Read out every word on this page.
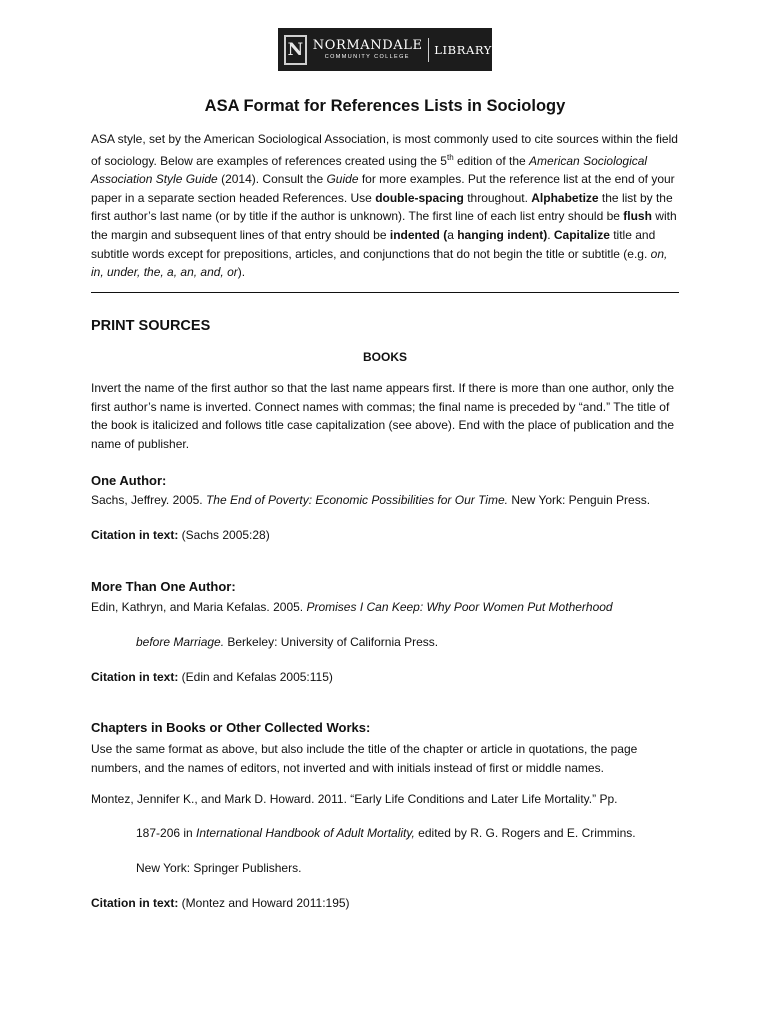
N NORMANDALE
COMMUNITY COLLEGE
LIBRARY
ASA Format for References Lists in Sociology

ASA style, set by the American Sociological Association, is most commonly used to cite sources within the field of sociology. Below are examples of references created using the 5th edition of the American Sociological Association Style Guide (2014). Consult the Guide for more examples. Put the reference list at the end of your paper in a separate section headed References. Use double-spacing throughout. Alphabetize the list by the first author’s last name (or by title if the author is unknown). The first line of each list entry should be flush with the margin and subsequent lines of that entry should be indented (a hanging indent). Capitalize title and subtitle words except for prepositions, articles, and conjunctions that do not begin the title or subtitle (e.g. on, in, under, the, a, an, and, or).

PRINT SOURCES
BOOKS

Invert the name of the first author so that the last name appears first. If there is more than one author, only the first author’s name is inverted. Connect names with commas; the final name is preceded by “and.” The title of the book is italicized and follows title case capitalization (see above). End with the place of publication and the name of publisher.

One Author:

Sachs, Jeffrey. 2005. The End of Poverty: Economic Possibilities for Our Time. New York: Penguin Press.

Citation in text: (Sachs 2005:28)

More Than One Author:

Edin, Kathryn, and Maria Kefalas. 2005. Promises I Can Keep: Why Poor Women Put Motherhood

before Marriage. Berkeley: University of California Press.

Citation in text: (Edin and Kefalas 2005:115)

Chapters in Books or Other Collected Works:

Use the same format as above, but also include the title of the chapter or article in quotations, the page numbers, and the names of editors, not inverted and with initials instead of first or middle names.

Montez, Jennifer K., and Mark D. Howard. 2011. “Early Life Conditions and Later Life Mortality.” Pp.

187-206 in International Handbook of Adult Mortality, edited by R. G. Rogers and E. Crimmins.

New York: Springer Publishers.

Citation in text: (Montez and Howard 2011:195)
